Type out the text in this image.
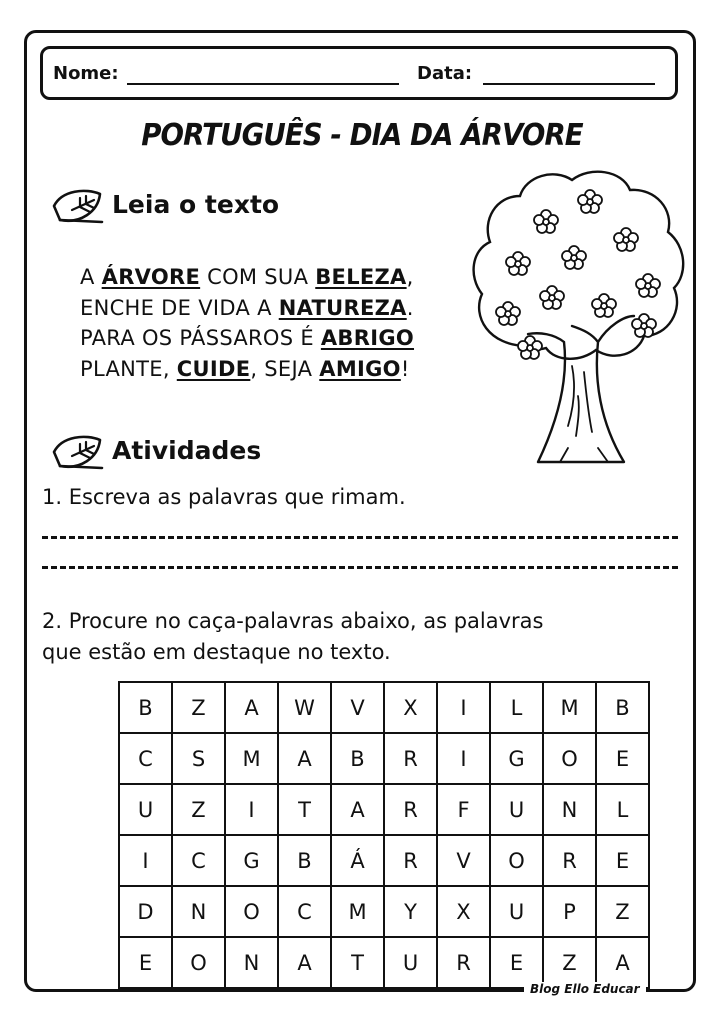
Nome:	Data:
PORTUGUÊS - DIA DA ÁRVORE
Leia o texto
A ÁRVORE COM SUA BELEZA,
ENCHE DE VIDA A NATUREZA.
PARA OS PÁSSAROS É ABRIGO
PLANTE, CUIDE, SEJA AMIGO!
Atividades
1. Escreva as palavras que rimam.
2. Procure no caça-palavras abaixo, as palavras
que estão em destaque no texto.
B	Z	A	W	V	X	I	L	M	B
C	S	M	A	B	R	I	G	O	E
U	Z	I	T	A	R	F	U	N	L
I	C	G	B	Á	R	V	O	R	E
D	N	O	C	M	Y	X	U	P	Z
E	O	N	A	T	U	R	E	Z	A
Blog Ello Educar
